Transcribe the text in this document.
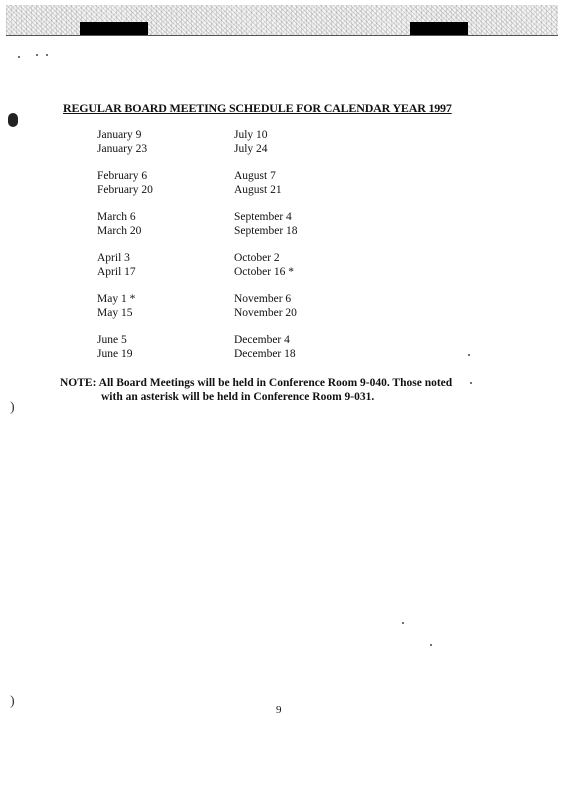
)
)
REGULAR BOARD MEETING SCHEDULE FOR CALENDAR YEAR 1997
January 9
January 23
February 6
February 20
March 6
March 20
April 3
April 17
May 1 *
May 15
June 5
June 19
July 10
July 24
August 7
August 21
September 4
September 18
October 2
October 16 *
November 6
November 20
December 4
December 18
NOTE: All Board Meetings will be held in Conference Room 9-040. Those noted
with an asterisk will be held in Conference Room 9-031.
9
